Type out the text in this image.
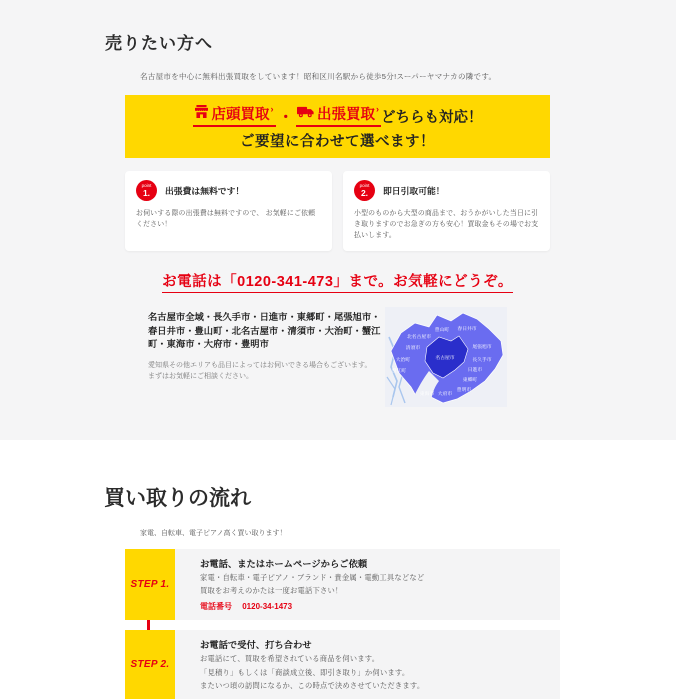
売りたい方へ

名古屋市を中心に無料出張買取をしています！昭和区川名駅から徒歩5分!スーパーヤマナカの隣です。

店頭買取 ›
・ 出張買取 ›
どちらも対応！
ご要望に合わせて選べます！
point
1. 出張費は無料です！

お伺いする際の出張費は無料ですので、 お気軽にご依頼ください！

point
2. 即日引取可能！

小型のものから大型の商品まで、おうかがいした当日に引き取りますのでお急ぎの方も安心！買取金もその場でお支払いします。

お電話は「0120-341-473」まで。お気軽にどうぞ。

名古屋市全域・長久手市・日進市・東郷町・尾張旭市・春日井市・豊山町・北名古屋市・清須市・大治町・蟹江町・東海市・大府市・豊明市

愛知県その他エリアも品目によってはお伺いできる場合もございます。
まずはお気軽にご相談ください。

北名古屋市
豊山町 春日井市
清須市	尾張旭市
大治町	名古屋市	長久手市
蟹江町	日進市
東郷町
豊明市
大府市
東海市
買い取りの流れ

家電、自転車、電子ピアノ高く買い取ります！

STEP 1.
お電話、またはホームページからご依頼
家電・自転車・電子ピアノ・ブランド・貴金属・電動工具などなど
買取をお考えのかたは一度お電話下さい！
電話番号 0120-34-1473
STEP 2.
お電話で受付、打ち合わせ
お電話にて、買取を希望されている商品を伺います。
「見積り」もしくは「商談成立後、即引き取り」か伺います。
またいつ頃の訪問になるか、この時点で決めさせていただきます。
